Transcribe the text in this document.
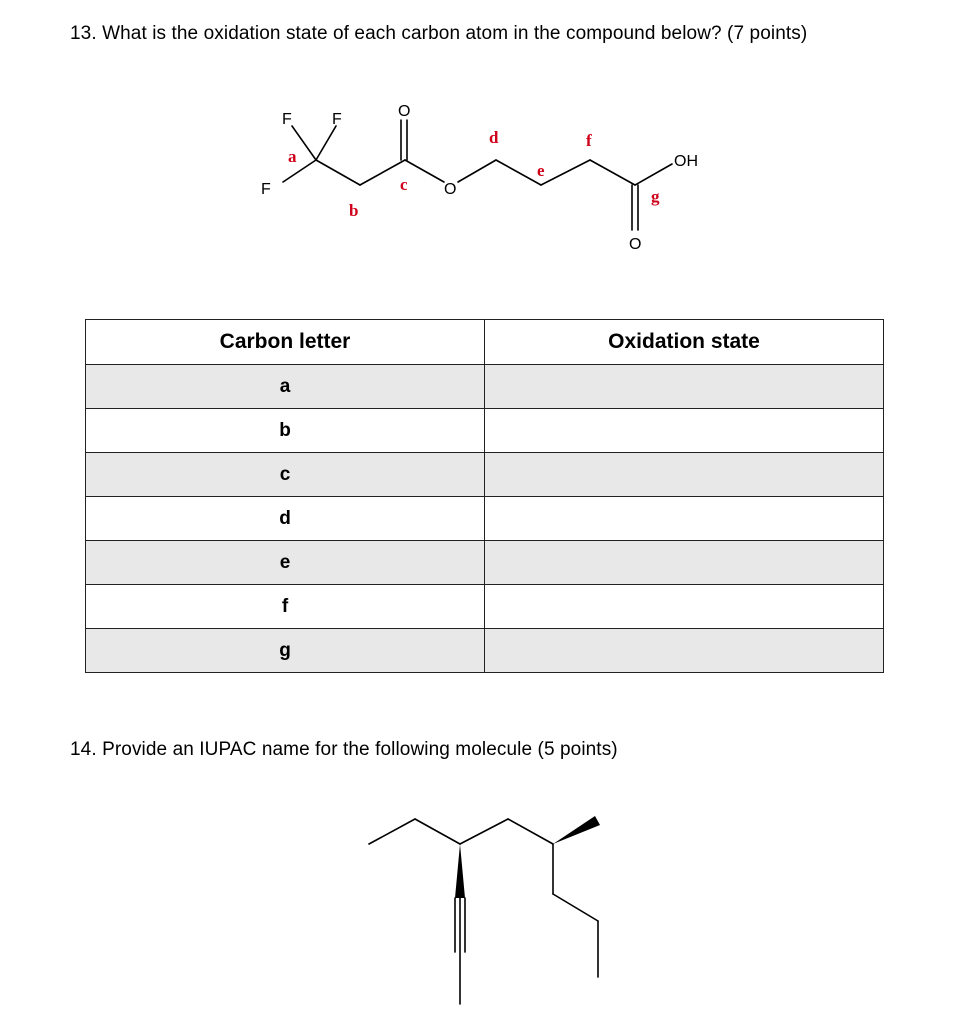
13. What is the oxidation state of each carbon atom in the compound below? (7 points)
F	F
F
O
O
OH
O
a
b
c
d
e
f
g
Carbon letter	Oxidation state
a	
b	
c	
d	
e	
f	
g	
14. Provide an IUPAC name for the following molecule (5 points)
